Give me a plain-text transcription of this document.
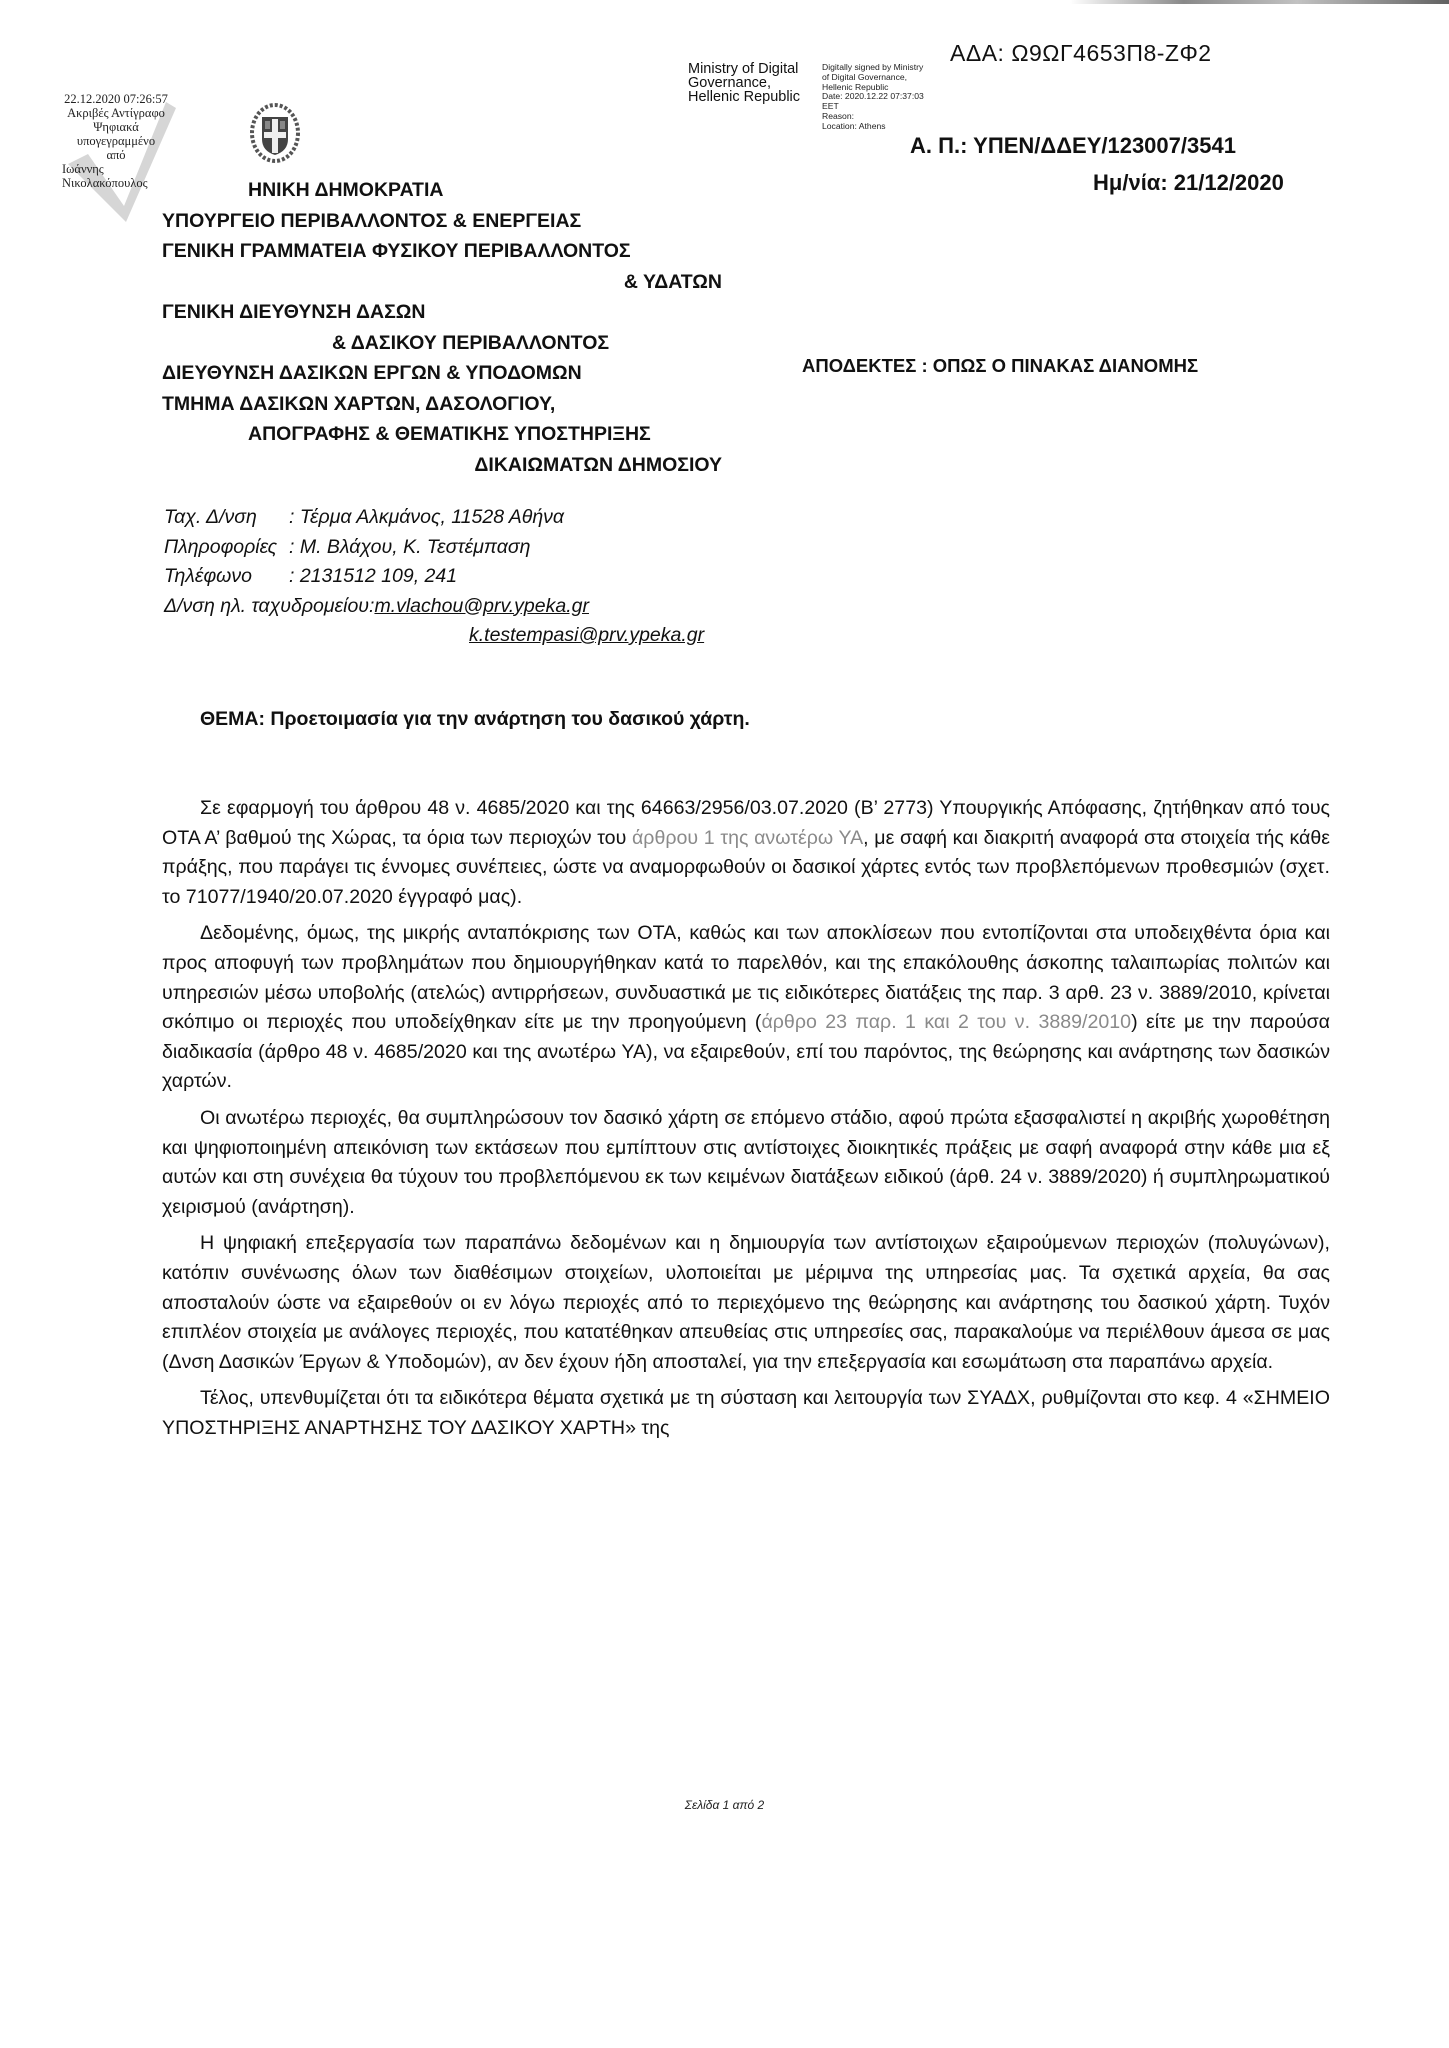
22.12.2020 07:26:57
Ακριβές Αντίγραφο
Ψηφιακά
υπογεγραμμένο
από
Ιωάννης
Νικολακόπουλος
Ministry of Digital
Governance,
Hellenic Republic
Digitally signed by Ministry
of Digital Governance,
Hellenic Republic
Date: 2020.12.22 07:37:03
EET
Reason:
Location: Athens
ΑΔΑ: Ω9ΩΓ4653Π8-ΖΦ2
Α. Π.: ΥΠΕΝ/ΔΔΕΥ/123007/3541
Ημ/νία: 21/12/2020
ΗΝΙΚΗ ΔΗΜΟΚΡΑΤΙΑ
ΥΠΟΥΡΓΕΙΟ ΠΕΡΙΒΑΛΛΟΝΤΟΣ & ΕΝΕΡΓΕΙΑΣ
ΓΕΝΙΚΗ ΓΡΑΜΜΑΤΕΙΑ ΦΥΣΙΚΟΥ ΠΕΡΙΒΑΛΛΟΝΤΟΣ
& ΥΔΑΤΩΝ
ΓΕΝΙΚΗ ΔΙΕΥΘΥΝΣΗ ΔΑΣΩΝ
& ΔΑΣΙΚΟΥ ΠΕΡΙΒΑΛΛΟΝΤΟΣ
ΔΙΕΥΘΥΝΣΗ ΔΑΣΙΚΩΝ ΕΡΓΩΝ & ΥΠΟΔΟΜΩΝ
ΤΜΗΜΑ ΔΑΣΙΚΩΝ ΧΑΡΤΩΝ, ΔΑΣΟΛΟΓΙΟΥ,
ΑΠΟΓΡΑΦΗΣ & ΘΕΜΑΤΙΚΗΣ ΥΠΟΣΤΗΡΙΞΗΣ
ΔΙΚΑΙΩΜΑΤΩΝ ΔΗΜΟΣΙΟΥ
ΑΠΟΔΕΚΤΕΣ : ΟΠΩΣ Ο ΠΙΝΑΚΑΣ ΔΙΑΝΟΜΗΣ
Ταχ. Δ/νση	: Τέρμα Αλκμάνος, 11528 Αθήνα
Πληροφορίες : Μ. Βλάχου, Κ. Τεστέμπαση
Τηλέφωνο	: 2131512 109, 241
Δ/νση ηλ. ταχυδρομείου: m.vlachou@prv.ypeka.gr
k.testempasi@prv.ypeka.gr
ΘΕΜΑ: Προετοιμασία για την ανάρτηση του δασικού χάρτη.

Σε εφαρμογή του άρθρου 48 ν. 4685/2020 και της 64663/2956/03.07.2020 (Β’ 2773) Υπουργικής Απόφασης, ζητήθηκαν από τους ΟΤΑ Α’ βαθμού της Χώρας, τα όρια των περιοχών του άρθρου 1 της ανωτέρω ΥΑ, με σαφή και διακριτή αναφορά στα στοιχεία τής κάθε πράξης, που παράγει τις έννομες συνέπειες, ώστε να αναμορφωθούν οι δασικοί χάρτες εντός των προβλεπόμενων προθεσμιών (σχετ. το 71077/1940/20.07.2020 έγγραφό μας).

Δεδομένης, όμως, της μικρής ανταπόκρισης των ΟΤΑ, καθώς και των αποκλίσεων που εντοπίζονται στα υποδειχθέντα όρια και προς αποφυγή των προβλημάτων που δημιουργήθηκαν κατά το παρελθόν, και της επακόλουθης άσκοπης ταλαιπωρίας πολιτών και υπηρεσιών μέσω υποβολής (ατελώς) αντιρρήσεων, συνδυαστικά με τις ειδικότερες διατάξεις της παρ. 3 αρθ. 23 ν. 3889/2010, κρίνεται σκόπιμο οι περιοχές που υποδείχθηκαν είτε με την προηγούμενη (άρθρο 23 παρ. 1 και 2 του ν. 3889/2010) είτε με την παρούσα διαδικασία (άρθρο 48 ν. 4685/2020 και της ανωτέρω ΥΑ), να εξαιρεθούν, επί του παρόντος, της θεώρησης και ανάρτησης των δασικών χαρτών.

Οι ανωτέρω περιοχές, θα συμπληρώσουν τον δασικό χάρτη σε επόμενο στάδιο, αφού πρώτα εξασφαλιστεί η ακριβής χωροθέτηση και ψηφιοποιημένη απεικόνιση των εκτάσεων που εμπίπτουν στις αντίστοιχες διοικητικές πράξεις με σαφή αναφορά στην κάθε μια εξ αυτών και στη συνέχεια θα τύχουν του προβλεπόμενου εκ των κειμένων διατάξεων ειδικού (άρθ. 24 ν. 3889/2020) ή συμπληρωματικού χειρισμού (ανάρτηση).

Η ψηφιακή επεξεργασία των παραπάνω δεδομένων και η δημιουργία των αντίστοιχων εξαιρούμενων περιοχών (πολυγώνων), κατόπιν συνένωσης όλων των διαθέσιμων στοιχείων, υλοποιείται με μέριμνα της υπηρεσίας μας. Τα σχετικά αρχεία, θα σας αποσταλούν ώστε να εξαιρεθούν οι εν λόγω περιοχές από το περιεχόμενο της θεώρησης και ανάρτησης του δασικού χάρτη. Τυχόν επιπλέον στοιχεία με ανάλογες περιοχές, που κατατέθηκαν απευθείας στις υπηρεσίες σας, παρακαλούμε να περιέλθουν άμεσα σε μας (Δνση Δασικών Έργων & Υποδομών), αν δεν έχουν ήδη αποσταλεί, για την επεξεργασία και εσωμάτωση στα παραπάνω αρχεία.

Τέλος, υπενθυμίζεται ότι τα ειδικότερα θέματα σχετικά με τη σύσταση και λειτουργία των ΣΥΑΔΧ, ρυθμίζονται στο κεφ. 4 «ΣΗΜΕΙΟ ΥΠΟΣΤΗΡΙΞΗΣ ΑΝΑΡΤΗΣΗΣ ΤΟΥ ΔΑΣΙΚΟΥ ΧΑΡΤΗ» της

Σελίδα 1 από 2
